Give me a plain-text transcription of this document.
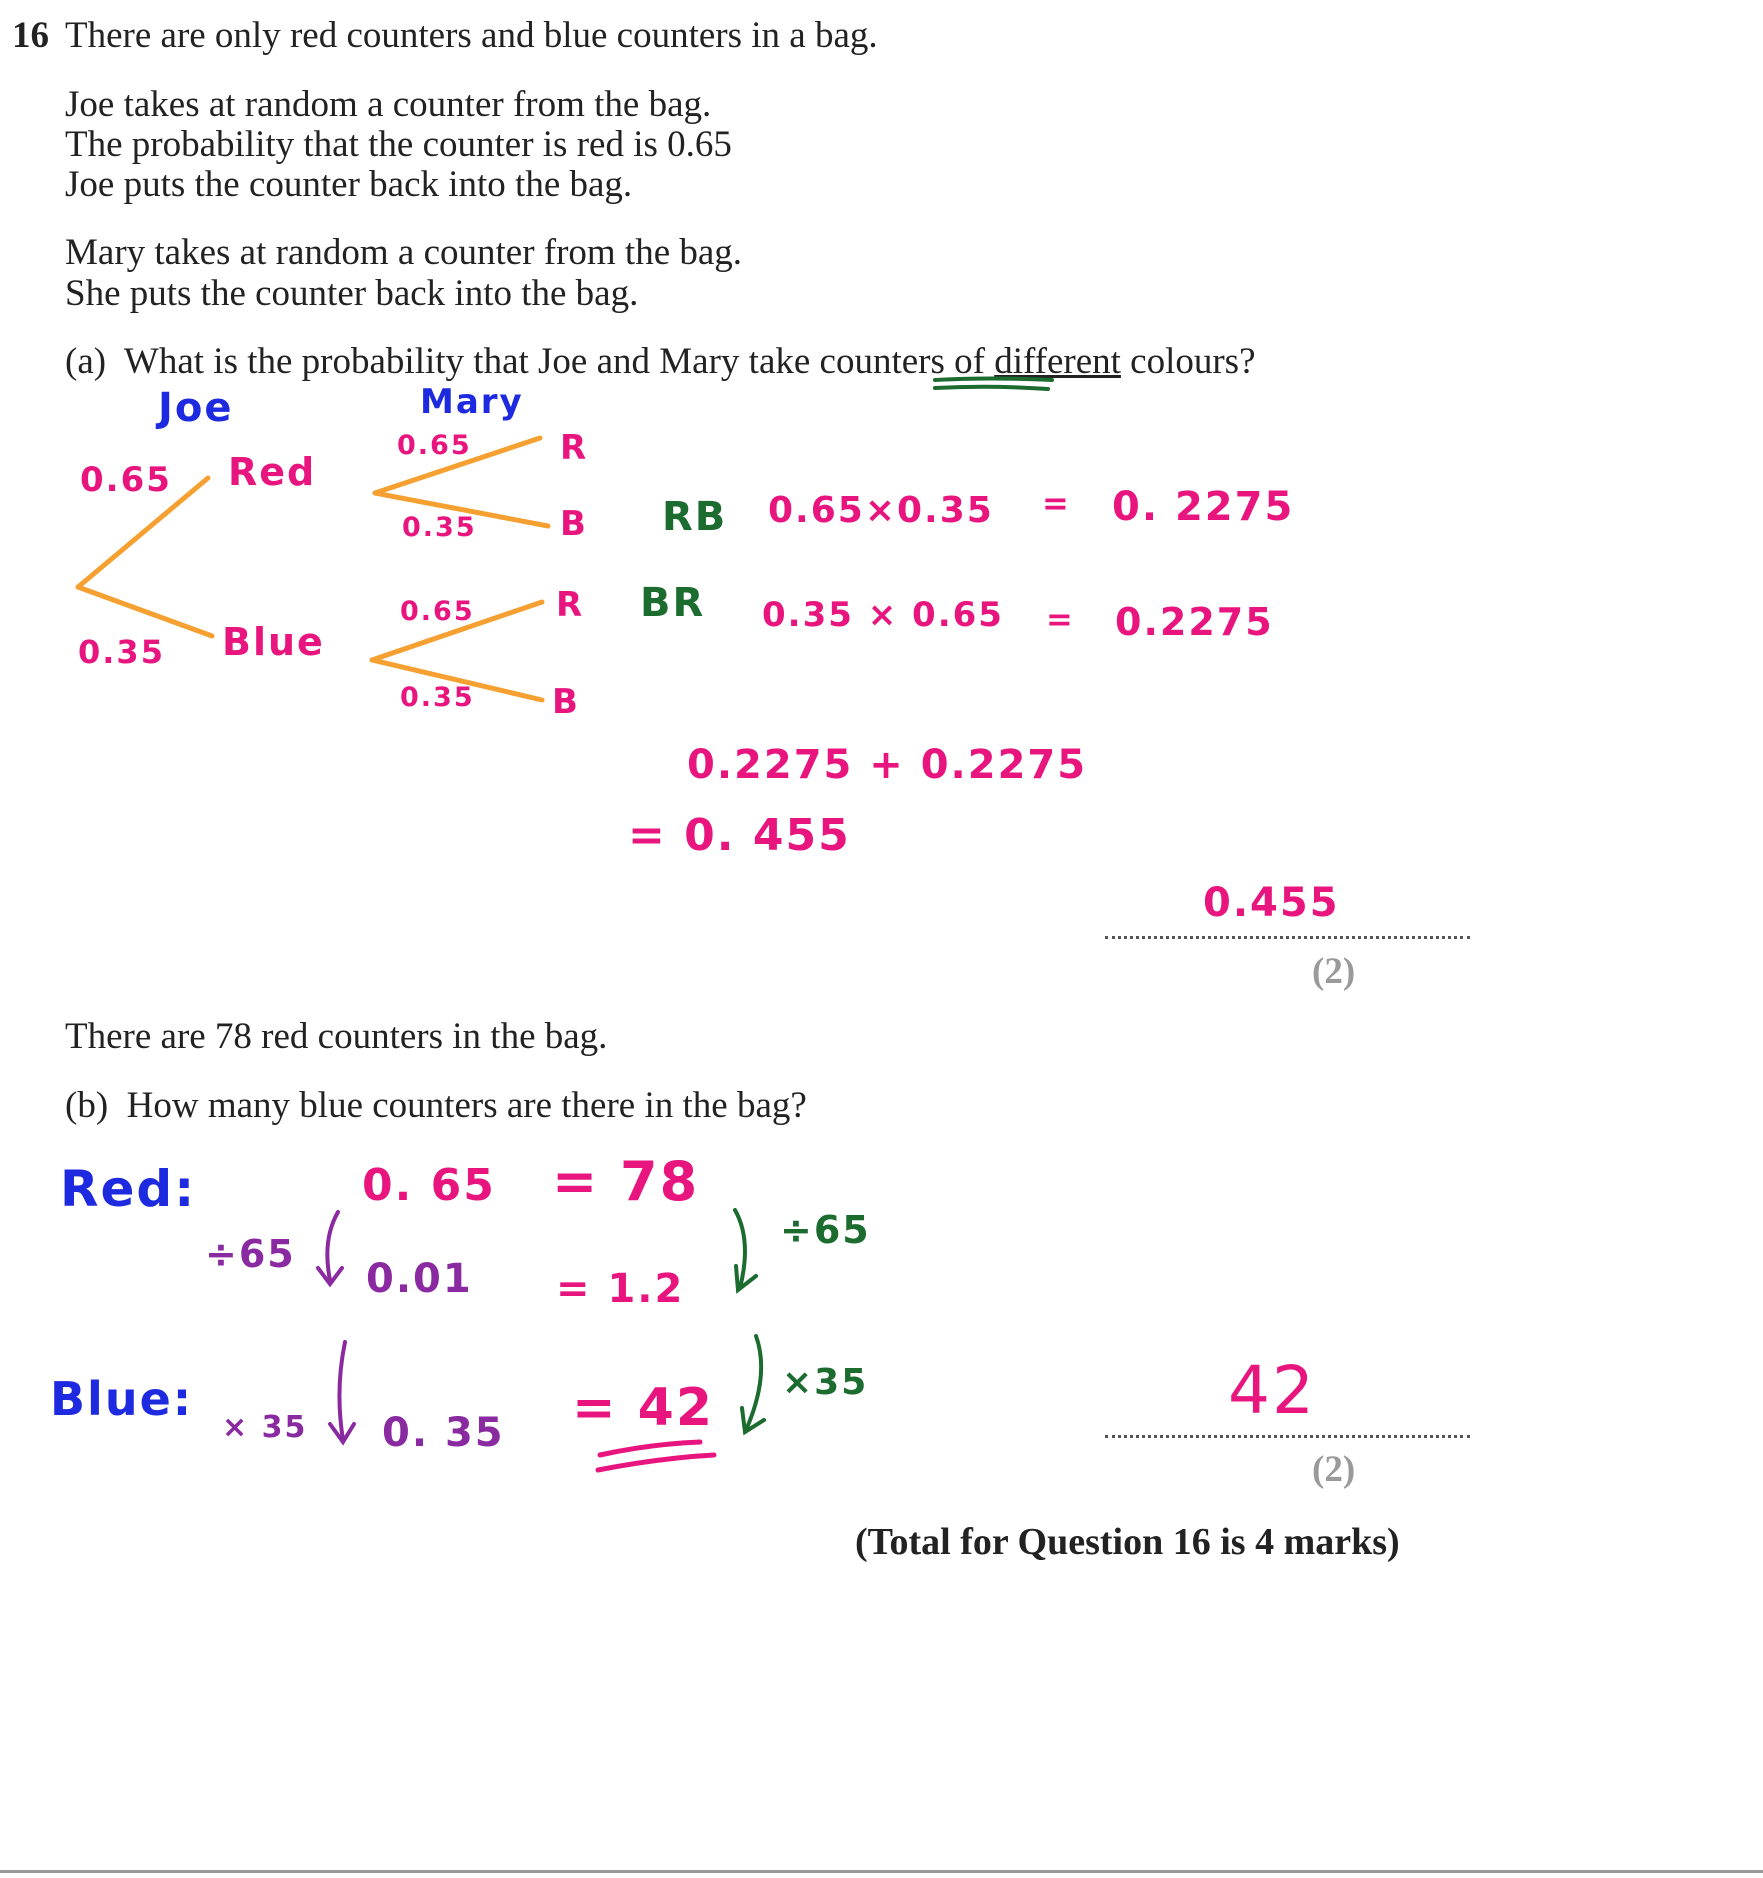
16 There are only red counters and blue counters in a bag.
Joe takes at random a counter from the bag.
The probability that the counter is red is 0.65
Joe puts the counter back into the bag.
Mary takes at random a counter from the bag.
She puts the counter back into the bag.
(a) What is the probability that Joe and Mary take counters of different colours?
(2)
There are 78 red counters in the bag.
(b) How many blue counters are there in the bag?
(2)
(Total for Question 16 is 4 marks)
Joe	Mary
0.65 Red
0.35 Blue
0.65	R
0.35 B
0.65 R
0.35 B
RB 0.65×0.35 = 0. 2275
BR 0.35 × 0.65 = 0.2275
0.2275 + 0.2275
= 0. 455
0.455
Red:	0. 65 = 78
÷65
0.01 = 1.2
÷65
Blue:
× 35 0. 35 = 42 ×35	42
